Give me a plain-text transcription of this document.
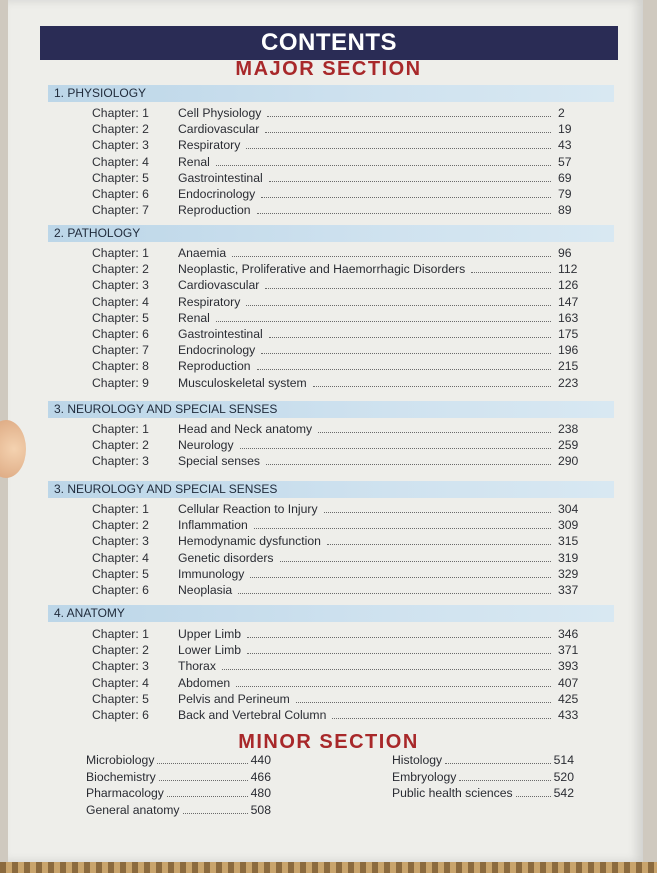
CONTENTS
MAJOR SECTION
1. PHYSIOLOGY
Chapter: 1 Cell Physiology	2
Chapter: 2 Cardiovascular	19
Chapter: 3 Respiratory	43
Chapter: 4 Renal	57
Chapter: 5 Gastrointestinal	69
Chapter: 6 Endocrinology	79
Chapter: 7 Reproduction	89
2. PATHOLOGY
Chapter: 1 Anaemia	96
Chapter: 2 Neoplastic, Proliferative and Haemorrhagic Disorders	112
Chapter: 3 Cardiovascular	126
Chapter: 4 Respiratory	147
Chapter: 5 Renal	163
Chapter: 6 Gastrointestinal	175
Chapter: 7 Endocrinology	196
Chapter: 8 Reproduction	215
Chapter: 9 Musculoskeletal system	223
3. NEUROLOGY AND SPECIAL SENSES
Chapter: 1 Head and Neck anatomy	238
Chapter: 2 Neurology	259
Chapter: 3 Special senses	290
3. NEUROLOGY AND SPECIAL SENSES
Chapter: 1 Cellular Reaction to Injury	304
Chapter: 2 Inflammation	309
Chapter: 3 Hemodynamic dysfunction	315
Chapter: 4 Genetic disorders	319
Chapter: 5 Immunology	329
Chapter: 6 Neoplasia	337
4. ANATOMY
Chapter: 1 Upper Limb	346
Chapter: 2 Lower Limb	371
Chapter: 3 Thorax	393
Chapter: 4 Abdomen	407
Chapter: 5 Pelvis and Perineum	425
Chapter: 6 Back and Vertebral Column	433
MINOR SECTION
Microbiology	440
Biochemistry	466
Pharmacology	480
General anatomy	508
Histology	514
Embryology	520
Public health sciences	542
